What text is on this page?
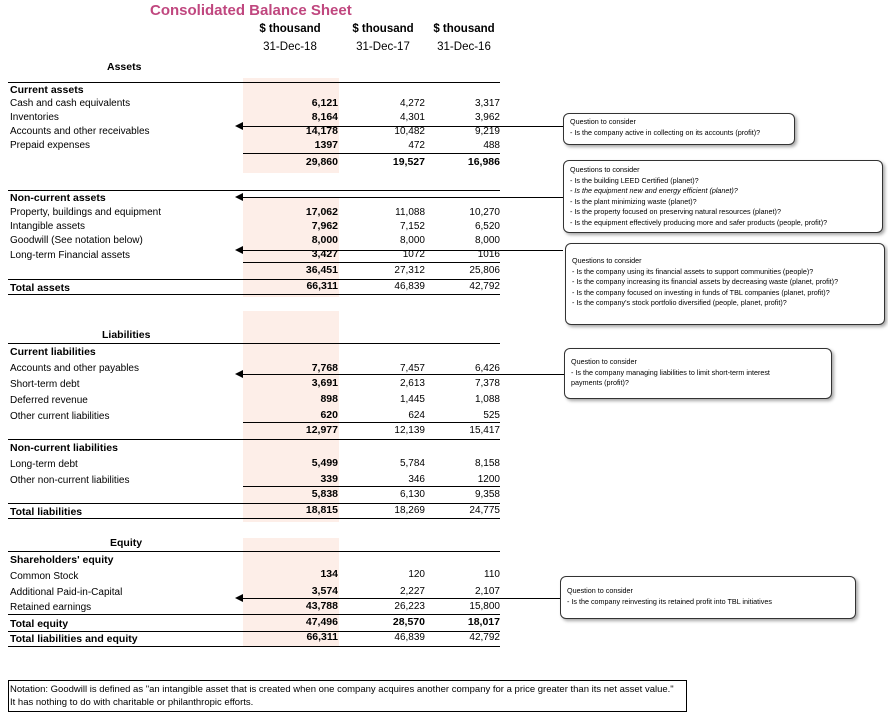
Consolidated Balance Sheet
$ thousand	$ thousand	$ thousand
31-Dec-18	31-Dec-17	31-Dec-16
Assets
Current assets
Cash and cash equivalents	6,121	4,272	3,317
Inventories	8,164	4,301	3,962
Accounts and other receivables	14,178	10,482	9,219
Prepaid expenses	1397	472	488
29,860	19,527	16,986
Non-current assets
Property, buildings and equipment	17,062	11,088	10,270
Intangible assets	7,962	7,152	6,520
Goodwill (See notation below)	8,000	8,000	8,000
Long-term Financial assets	3,427	1072	1016
36,451	27,312	25,806
Total assets	66,311	46,839	42,792
Liabilities
Current liabilities
Accounts and other payables	7,768	7,457	6,426
Short-term debt	3,691	2,613	7,378
Deferred revenue	898	1,445	1,088
Other current liabilities	620	624	525
12,977	12,139	15,417
Non-current liabilities
Long-term debt	5,499	5,784	8,158
Other non-current liabilities	339	346	1200
5,838	6,130	9,358
Total liabilities	18,815	18,269	24,775
Equity
Shareholders' equity
Common Stock	134	120	110
Additional Paid-in-Capital	3,574	2,227	2,107
Retained earnings	43,788	26,223	15,800
Total equity	47,496	28,570	18,017
Total liabilities and equity	66,311	46,839	42,792
Question to consider
- Is the company active in collecting on its accounts (profit)?
Questions to consider
- Is the building LEED Certified (planet)?
- Is the equipment new and energy efficient (planet)?
- Is the plant minimizing waste (planet)?
- Is the property focused on preserving natural resources (planet)?
- Is the equipment effectively producing more and safer products (people, profit)?
Questions to consider
- Is the company using its financial assets to support communities (people)?
- Is the company increasing its financial assets by decreasing waste (planet, profit)?
- Is the company focused on investing in funds of TBL companies (planet, profit)?
- Is the company's stock portfolio diversified (people, planet, profit)?
Question to consider
- Is the company managing liabilities to limit short-term interest
payments (profit)?
Question to consider
- Is the company reinvesting its retained profit into TBL initiatives
Notation: Goodwill is defined as "an intangible asset that is created when one company acquires another company for a price greater than its net asset value."
It has nothing to do with charitable or philanthropic efforts.
